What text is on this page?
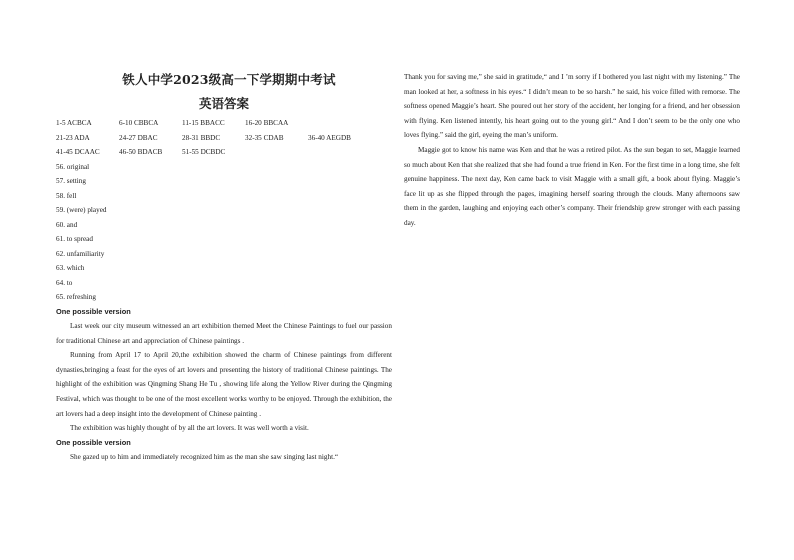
铁人中学2023级高一下学期期中考试
英语答案
1-5 ACBCA	6-10 CBBCA	11-15 BBACC	16-20 BBCAA
21-23 ADA	24-27 DBAC	28-31 BBDC	32-35 CDAB	36-40 AEGDB
41-45 DCAAC	46-50 BDACB	51-55 DCBDC
56. original
57. setting
58. fell
59. (were) played
60. and
61. to spread
62. unfamiliarity
63. which
64. to
65. refreshing
One possible version

Last week our city museum witnessed an art exhibition themed Meet the Chinese Paintings to fuel our passion for traditional Chinese art and appreciation of Chinese paintings .

Running from April 17 to April 20,the exhibition showed the charm of Chinese paintings from different dynasties,bringing a feast for the eyes of art lovers and presenting the history of traditional Chinese paintings. The highlight of the exhibition was Qingming Shang He Tu , showing life along the Yellow River during the Qingming Festival, which was thought to be one of the most excellent works worthy to be enjoyed. Through the exhibition, the art lovers had a deep insight into the development of Chinese painting .

The exhibition was highly thought of by all the art lovers. It was well worth a visit.

One possible version

She gazed up to him and immediately recognized him as the man she saw singing last night.“

Thank you for saving me,” she said in gratitude,“ and I ’m sorry if I bothered you last night with my listening.” The man looked at her, a softness in his eyes.“ I didn’t mean to be so harsh.” he said, his voice filled with remorse. The softness opened Maggie’s heart. She poured out her story of the accident, her longing for a friend, and her obsession with flying. Ken listened intently, his heart going out to the young girl.“ And I don’t seem to be the only one who loves flying.” said the girl, eyeing the man’s uniform.

Maggie got to know his name was Ken and that he was a retired pilot. As the sun began to set, Maggie learned so much about Ken that she realized that she had found a true friend in Ken. For the first time in a long time, she felt genuine happiness. The next day, Ken came back to visit Maggie with a small gift, a book about flying. Maggie’s face lit up as she flipped through the pages, imagining herself soaring through the clouds. Many afternoons saw them in the garden, laughing and enjoying each other’s company. Their friendship grew stronger with each passing day.
